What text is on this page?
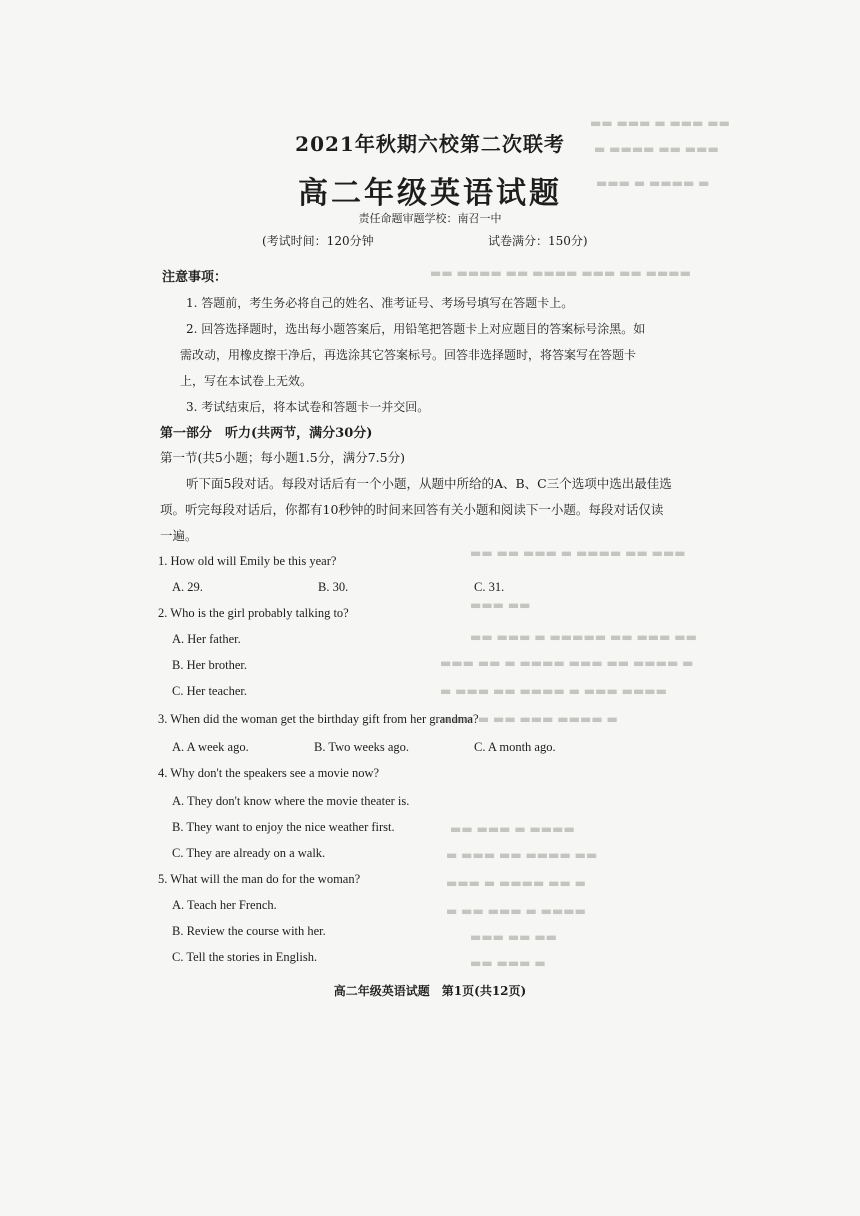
▬▬ ▬▬▬ ▬ ▬▬▬ ▬▬
▬ ▬▬▬▬ ▬▬ ▬▬▬
▬▬▬ ▬ ▬▬▬▬ ▬
▬▬ ▬▬▬▬ ▬▬ ▬▬▬▬ ▬▬▬ ▬▬ ▬▬▬▬
▬▬ ▬▬ ▬▬▬ ▬ ▬▬▬▬ ▬▬ ▬▬▬
▬▬▬ ▬▬
▬▬ ▬▬▬ ▬ ▬▬▬▬▬ ▬▬ ▬▬▬ ▬▬
▬▬▬ ▬▬ ▬ ▬▬▬▬ ▬▬▬ ▬▬ ▬▬▬▬ ▬
▬ ▬▬▬ ▬▬ ▬▬▬▬ ▬ ▬▬▬ ▬▬▬▬
▬▬▬ ▬ ▬▬ ▬▬▬ ▬▬▬▬ ▬
▬▬ ▬▬▬ ▬ ▬▬▬▬
▬ ▬▬▬ ▬▬ ▬▬▬▬ ▬▬
▬▬▬ ▬ ▬▬▬▬ ▬▬ ▬
▬ ▬▬ ▬▬▬ ▬ ▬▬▬▬
▬▬▬ ▬▬ ▬▬
▬▬ ▬▬▬ ▬
2021年秋期六校第二次联考
高二年级英语试题
责任命题审题学校：南召一中
(考试时间：120分钟	试卷满分：150分)
注意事项：
1. 答题前，考生务必将自己的姓名、准考证号、考场号填写在答题卡上。
2. 回答选择题时，选出每小题答案后，用铅笔把答题卡上对应题目的答案标号涂黑。如
需改动，用橡皮擦干净后，再选涂其它答案标号。回答非选择题时，将答案写在答题卡
上，写在本试卷上无效。
3. 考试结束后，将本试卷和答题卡一并交回。
第一部分　听力(共两节，满分30分)
第一节(共5小题；每小题1.5分，满分7.5分)
听下面5段对话。每段对话后有一个小题，从题中所给的A、B、C三个选项中选出最佳选
项。听完每段对话后，你都有10秒钟的时间来回答有关小题和阅读下一小题。每段对话仅读
一遍。
1. How old will Emily be this year?
A. 29.	B. 30.	C. 31.
2. Who is the girl probably talking to?
A. Her father.
B. Her brother.
C. Her teacher.
3. When did the woman get the birthday gift from her grandma?
A. A week ago.	B. Two weeks ago.	C. A month ago.
4. Why don't the speakers see a movie now?
A. They don't know where the movie theater is.
B. They want to enjoy the nice weather first.
C. They are already on a walk.
5. What will the man do for the woman?
A. Teach her French.
B. Review the course with her.
C. Tell the stories in English.
高二年级英语试题　第1页(共12页)
